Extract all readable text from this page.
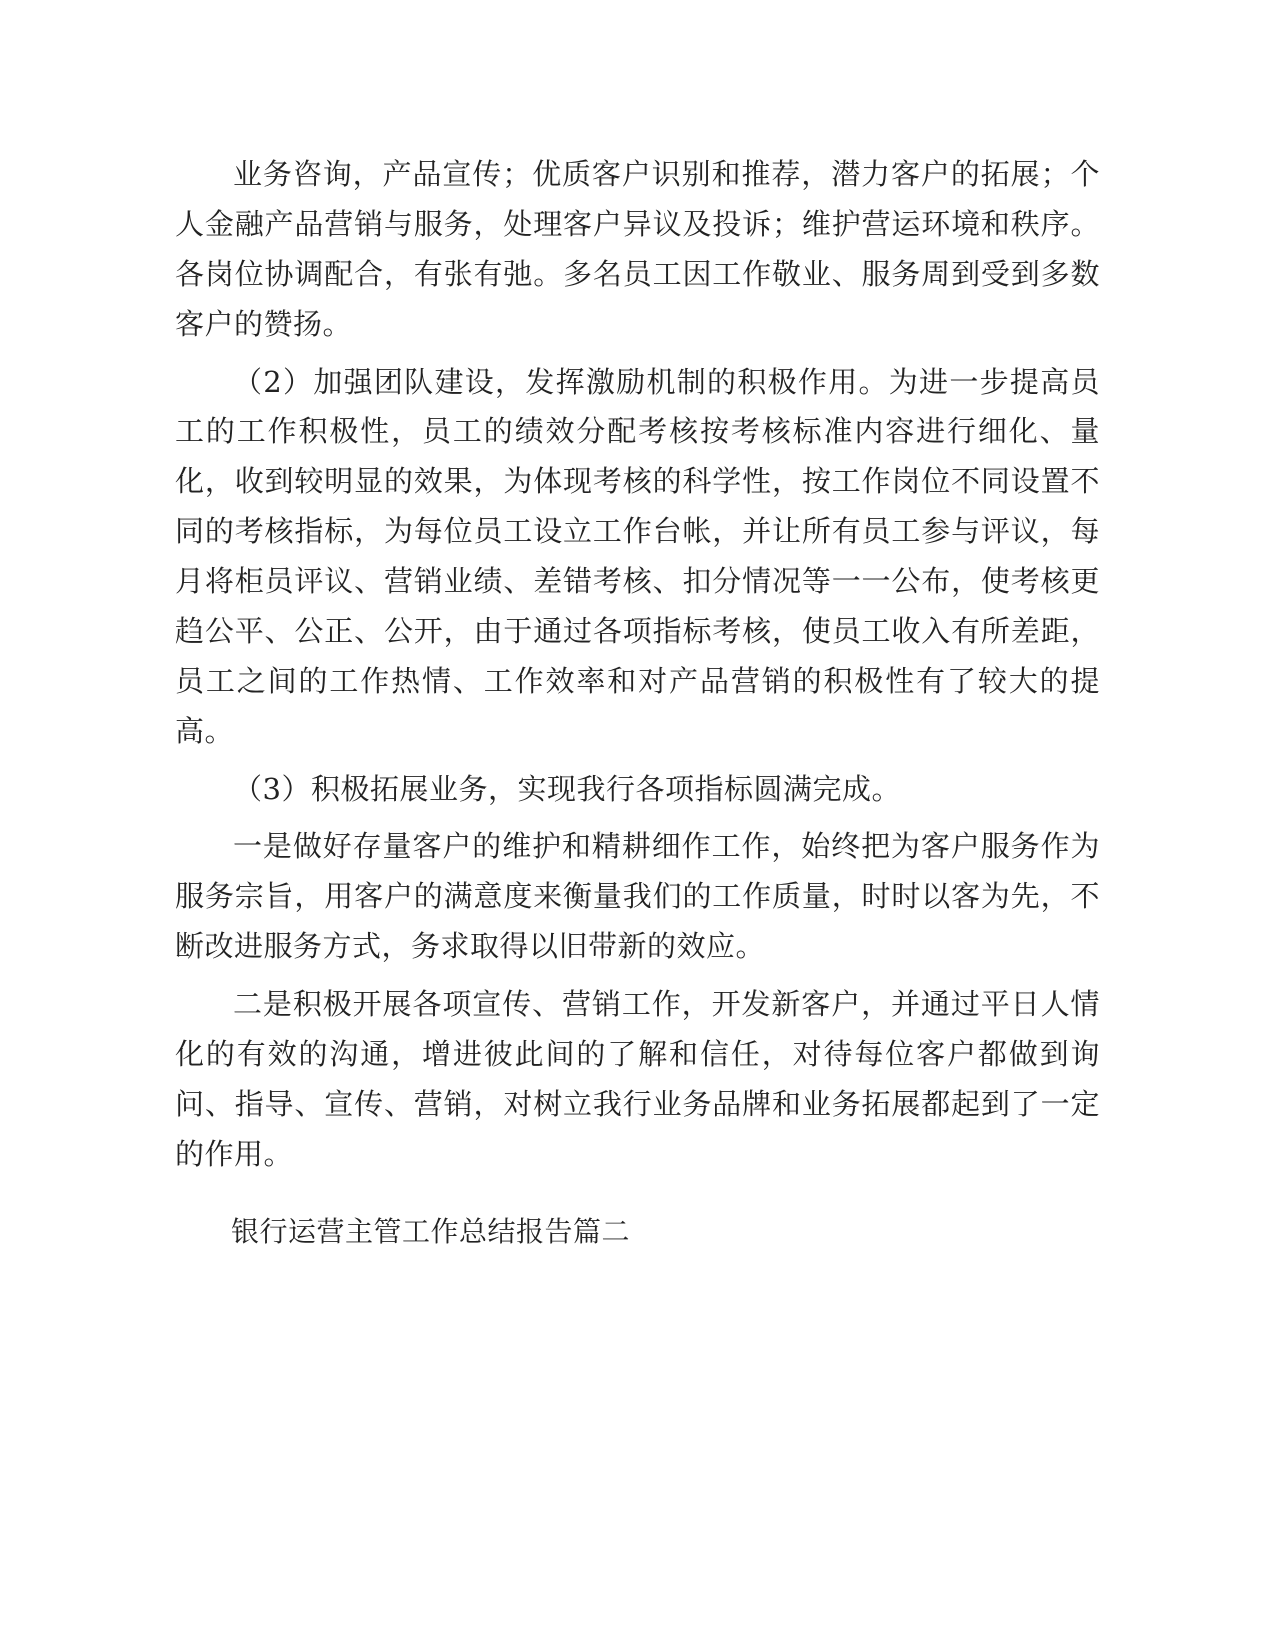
业务咨询，产品宣传；优质客户识别和推荐，潜力客户的拓展；个人金融产品营销与服务，处理客户异议及投诉；维护营运环境和秩序。各岗位协调配合，有张有弛。多名员工因工作敬业、服务周到受到多数客户的赞扬。

（2）加强团队建设，发挥激励机制的积极作用。为进一步提高员工的工作积极性，员工的绩效分配考核按考核标准内容进行细化、量化，收到较明显的效果，为体现考核的科学性，按工作岗位不同设置不同的考核指标，为每位员工设立工作台帐，并让所有员工参与评议，每月将柜员评议、营销业绩、差错考核、扣分情况等一一公布，使考核更趋公平、公正、公开，由于通过各项指标考核，使员工收入有所差距，员工之间的工作热情、工作效率和对产品营销的积极性有了较大的提高。

（3）积极拓展业务，实现我行各项指标圆满完成。

一是做好存量客户的维护和精耕细作工作，始终把为客户服务作为服务宗旨，用客户的满意度来衡量我们的工作质量，时时以客为先，不断改进服务方式，务求取得以旧带新的效应。

二是积极开展各项宣传、营销工作，开发新客户，并通过平日人情化的有效的沟通，增进彼此间的了解和信任，对待每位客户都做到询问、指导、宣传、营销，对树立我行业务品牌和业务拓展都起到了一定的作用。

银行运营主管工作总结报告篇二
